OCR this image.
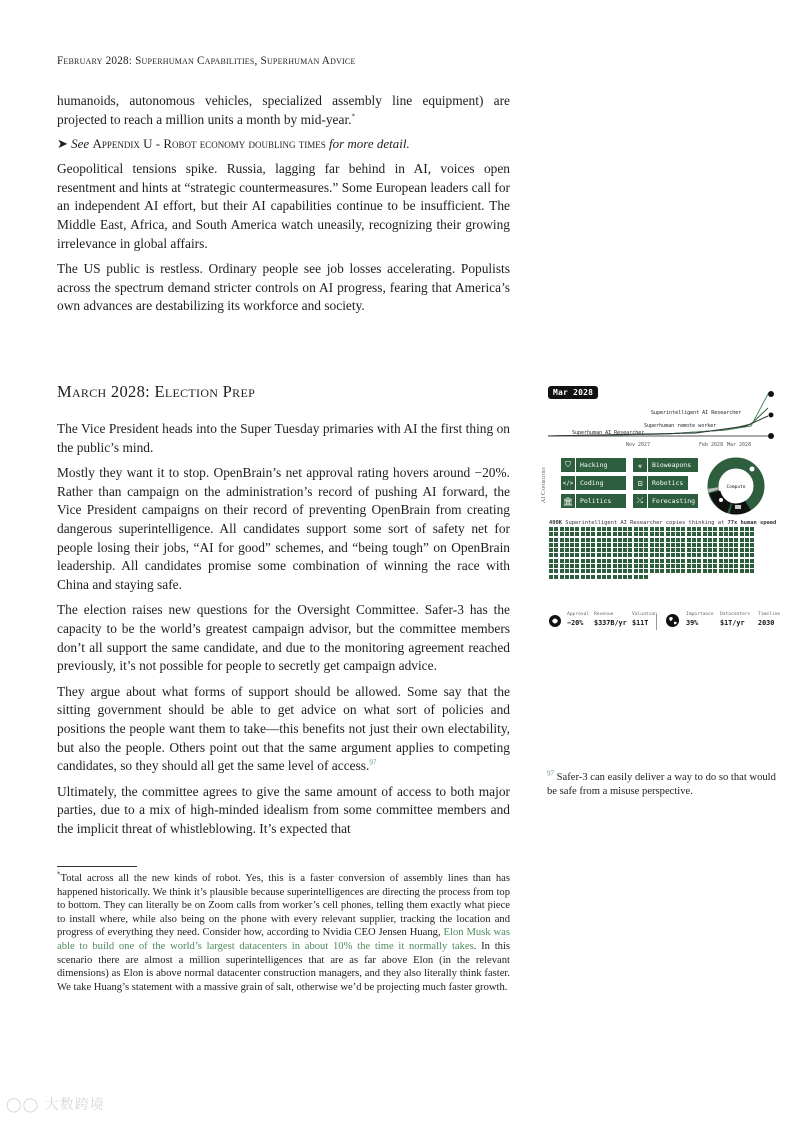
February 2028: Superhuman Capabilities, Superhuman Advice

humanoids, autonomous vehicles, specialized assembly line equipment) are projected to reach a million units a month by mid-year.*

➤ See Appendix U - Robot economy doubling times for more detail.

Geopolitical tensions spike. Russia, lagging far behind in AI, voices open resentment and hints at “strategic countermeasures.” Some European leaders call for an independent AI effort, but their AI capabilities continue to be insufficient. The Middle East, Africa, and South America watch uneasily, recognizing their growing irrelevance in global affairs.

The US public is restless. Ordinary people see job losses accelerating. Populists across the spectrum demand stricter controls on AI progress, fearing that America’s own advances are destabilizing its workforce and society.

March 2028: Election Prep

The Vice President heads into the Super Tuesday primaries with AI the first thing on the public’s mind.

Mostly they want it to stop. OpenBrain’s net approval rating hovers around −20%. Rather than campaign on the administration’s record of pushing AI forward, the Vice President campaigns on their record of preventing OpenBrain from creating dangerous superintelligence. All candidates support some sort of safety net for people losing their jobs, “AI for good” schemes, and “being tough” on OpenBrain leadership. All candidates promise some combination of winning the race with China and staying safe.

The election raises new questions for the Oversight Committee. Safer-3 has the capacity to be the world’s greatest campaign advisor, but the committee members don’t all support the same candidate, and due to the monitoring agreement reached previously, it’s not possible for people to secretly get campaign advice.

They argue about what forms of support should be allowed. Some say that the sitting government should be able to get advice on what sort of policies and positions the people want them to take—this benefits not just their own electability, but also the people. Others point out that the same argument applies to competing candidates, so they should all get the same level of access.$^{97}$

Ultimately, the committee agrees to give the same amount of access to both major parties, due to a mix of high-minded idealism from some committee members and the implicit threat of whistleblowing. It’s expected that

Mar 2028
Superintelligent AI Researcher
Superhuman remote worker
Superhuman AI Researcher
Nov 2027	Feb 2028 Mar 2028
AI Capabilities
⛉	Hacking	☣	Bioweapons
</>	Coding	⊡	Robotics
🏛	Politics	⤯	Forecasting
Compute
400K Superintelligent AI Researcher copies thinking at 77x human speed
Approval
−20%
Revenue
$337B/yr
Valuation
$11T
Importance
39%
Datacenters
$1T/yr
Timeline
2030
$^{97}$ Safer-3 can easily deliver a way to do so that would be safe from a misuse perspective.
*Total across all the new kinds of robot. Yes, this is a faster conversion of assembly lines than has happened historically. We think it’s plausible because superintelligences are directing the process from top to bottom. They can literally be on Zoom calls from worker’s cell phones, telling them exactly what piece to install where, while also being on the phone with every relevant supplier, tracking the location and progress of everything they need. Consider how, according to Nvidia CEO Jensen Huang, Elon Musk was able to build one of the world’s largest datacenters in about 10% the time it normally takes. In this scenario there are almost a million superintelligences that are as far above Elon (in the relevant dimensions) as Elon is above normal datacenter construction managers, and they also literally think faster. We take Huang’s statement with a massive grain of salt, otherwise we’d be projecting much faster growth.
◯◯ 大数跨境
